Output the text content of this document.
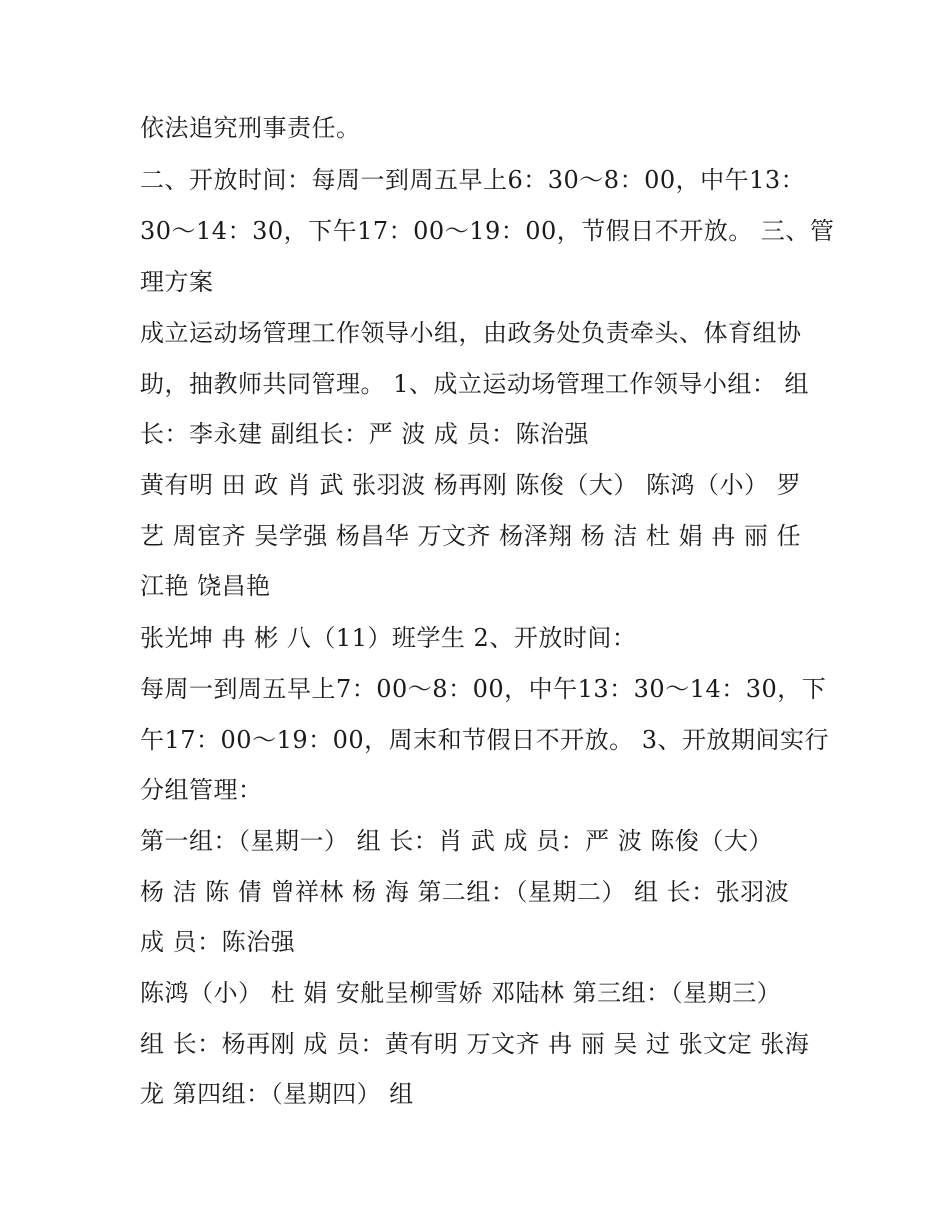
依法追究刑事责任。
二、开放时间：每周一到周五早上6：30～8：00，中午13：
30～14：30，下午17：00～19：00，节假日不开放。 三、管
理方案
成立运动场管理工作领导小组，由政务处负责牵头、体育组协
助，抽教师共同管理。 1、成立运动场管理工作领导小组： 组
长：李永建 副组长：严 波 成 员：陈治强
黄有明 田 政 肖 武 张羽波 杨再刚 陈俊（大） 陈鸿（小） 罗
艺 周宦齐 吴学强 杨昌华 万文齐 杨泽翔 杨 洁 杜 娟 冉 丽 任
江艳 饶昌艳
张光坤 冉 彬 八（11）班学生 2、开放时间：
每周一到周五早上7：00～8：00，中午13：30～14：30，下
午17：00～19：00，周末和节假日不开放。 3、开放期间实行
分组管理：
第一组：（星期一） 组 长：肖 武 成 员：严 波 陈俊（大）
杨 洁 陈 倩 曾祥林 杨 海 第二组：（星期二） 组 长：张羽波
成 员：陈治强
陈鸿（小） 杜 娟 安舭呈柳雪娇 邓陆林 第三组：（星期三）
组 长：杨再刚 成 员：黄有明 万文齐 冉 丽 吴 过 张文定 张海
龙 第四组：（星期四） 组
